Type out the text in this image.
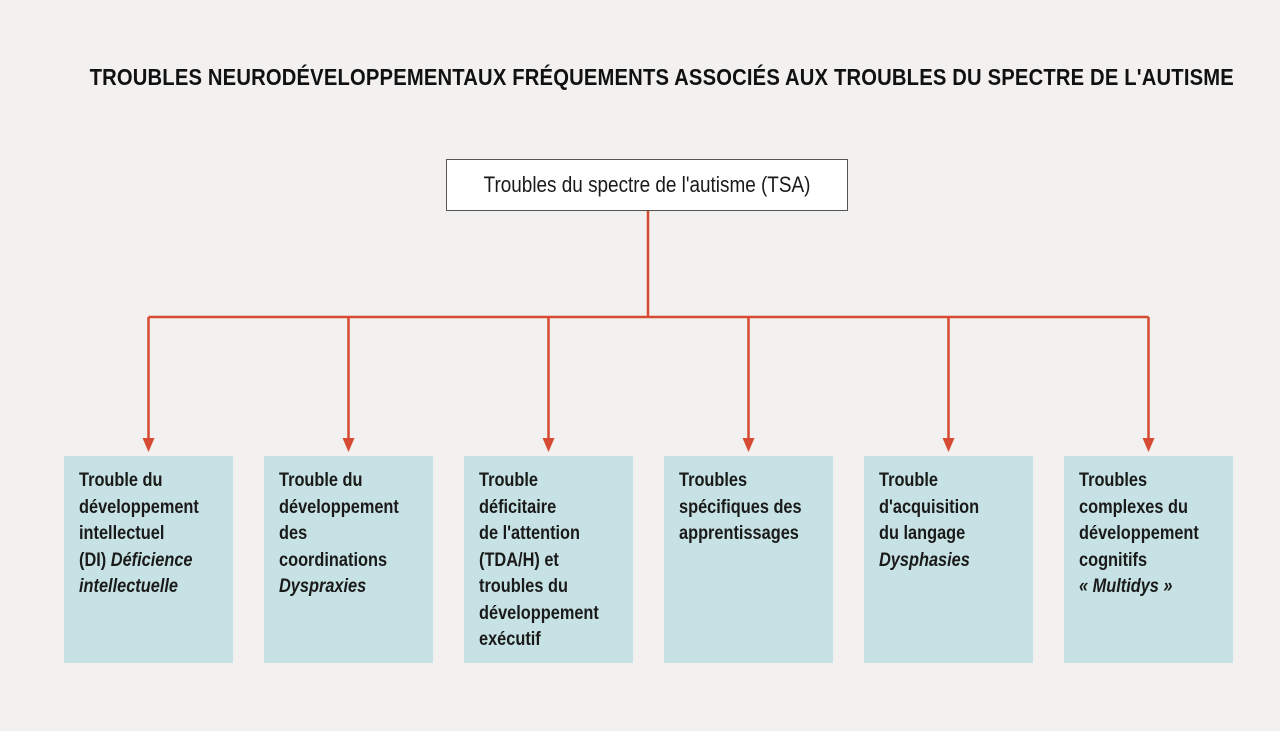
TROUBLES NEURODÉVELOPPEMENTAUX FRÉQUEMENTS ASSOCIÉS AUX TROUBLES DU SPECTRE DE L'AUTISME
Troubles du spectre de l'autisme (TSA)
Trouble du
développement
intellectuel
(DI) Déficience
intellectuelle
Trouble du
développement
des
coordinations
Dyspraxies
Trouble
déficitaire
de l'attention
(TDA/H) et
troubles du
développement
exécutif
Troubles
spécifiques des
apprentissages
Trouble
d'acquisition
du langage
Dysphasies
Troubles
complexes du
développement
cognitifs
« Multidys »
